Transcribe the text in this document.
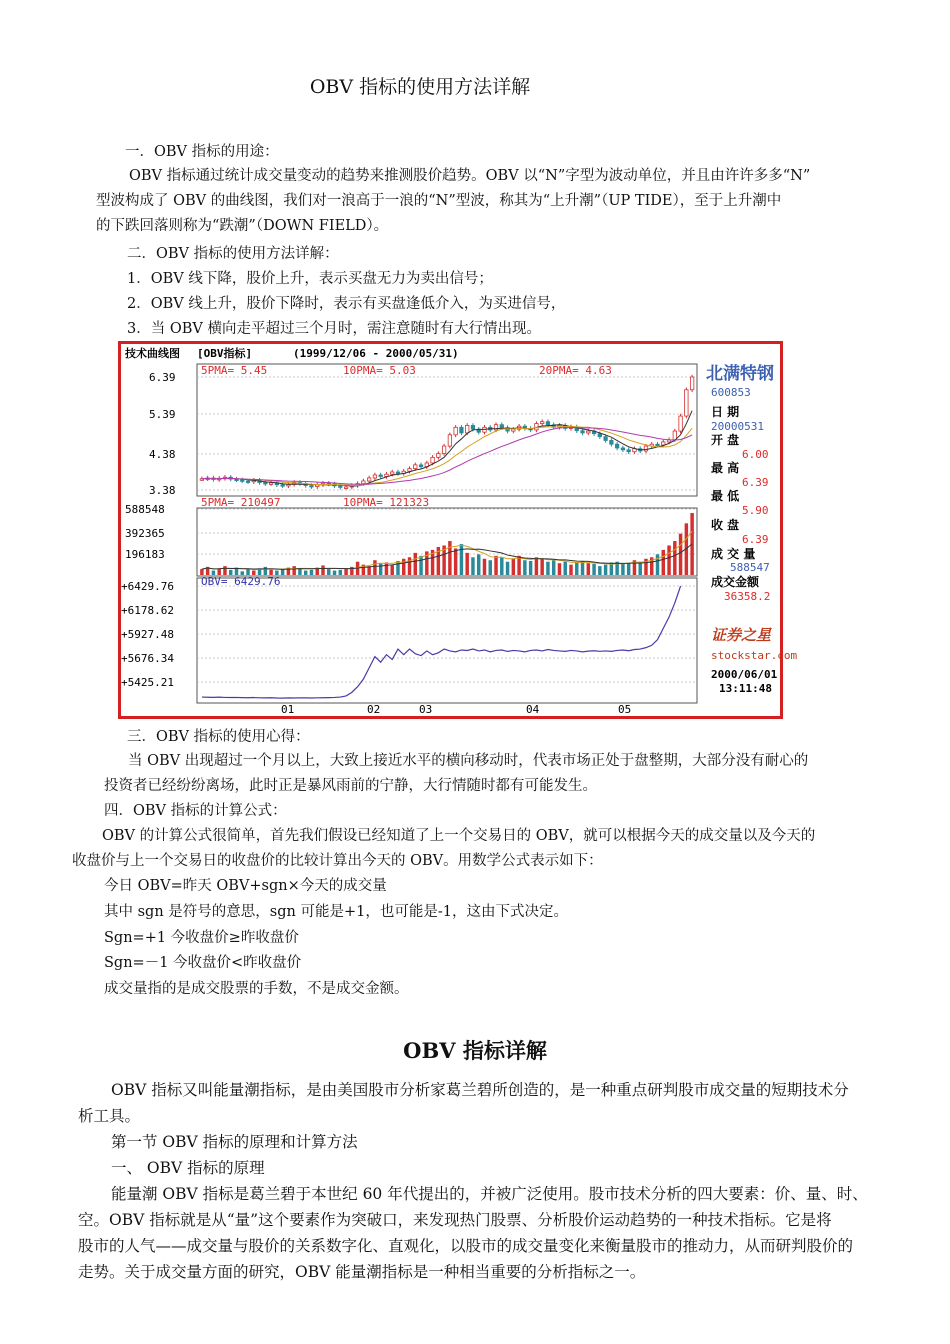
OBV 指标的使用方法详解
一．OBV 指标的用途：
OBV 指标通过统计成交量变动的趋势来推测股价趋势。OBV 以“N”字型为波动单位，并且由许许多多“N”
型波构成了 OBV 的曲线图，我们对一浪高于一浪的“N”型波，称其为“上升潮”（UP TIDE），至于上升潮中
的下跌回落则称为“跌潮”（DOWN FIELD）。
二．OBV 指标的使用方法详解：
1．OBV 线下降，股价上升，表示买盘无力为卖出信号；
2．OBV 线上升，股价下降时，表示有买盘逢低介入，为买进信号，
3．当 OBV 横向走平超过三个月时，需注意随时有大行情出现。
技术曲线图 [OBV指标]	(1999/12/06 - 2000/05/31)
6.39
5.39
4.38
3.38
5PMA= 5.45	10PMA= 5.03	20PMA= 4.63
588548
392365
196183
5PMA= 210497	10PMA= 121323
+6429.76
+6178.62
+5927.48
+5676.34
+5425.21
OBV= 6429.76
01	02	03	04	05
北满特钢
600853
日 期
20000531
开 盘
6.00
最 高
6.39
最 低
5.90
收 盘
6.39
成 交 量
588547
成交金额
36358.2
证券之星
stockstar.com
2000/06/01
13:11:48
三．OBV 指标的使用心得：
当 OBV 出现超过一个月以上，大致上接近水平的横向移动时，代表市场正处于盘整期，大部分没有耐心的
投资者已经纷纷离场，此时正是暴风雨前的宁静，大行情随时都有可能发生。
四．OBV 指标的计算公式：
OBV 的计算公式很简单，首先我们假设已经知道了上一个交易日的 OBV，就可以根据今天的成交量以及今天的
收盘价与上一个交易日的收盘价的比较计算出今天的 OBV。用数学公式表示如下：
今日 OBV=昨天 OBV+sgn×今天的成交量
其中 sgn 是符号的意思，sgn 可能是+1，也可能是-1，这由下式决定。
Sgn=+1 今收盘价≥昨收盘价
Sgn=－1 今收盘价<昨收盘价
成交量指的是成交股票的手数，不是成交金额。
OBV 指标详解
OBV 指标又叫能量潮指标，是由美国股市分析家葛兰碧所创造的，是一种重点研判股市成交量的短期技术分
析工具。
第一节 OBV 指标的原理和计算方法
一、 OBV 指标的原理
能量潮 OBV 指标是葛兰碧于本世纪 60 年代提出的，并被广泛使用。股市技术分析的四大要素：价、量、时、
空。OBV 指标就是从“量”这个要素作为突破口，来发现热门股票、分析股价运动趋势的一种技术指标。它是将
股市的人气——成交量与股价的关系数字化、直观化，以股市的成交量变化来衡量股市的推动力，从而研判股价的
走势。关于成交量方面的研究，OBV 能量潮指标是一种相当重要的分析指标之一。
